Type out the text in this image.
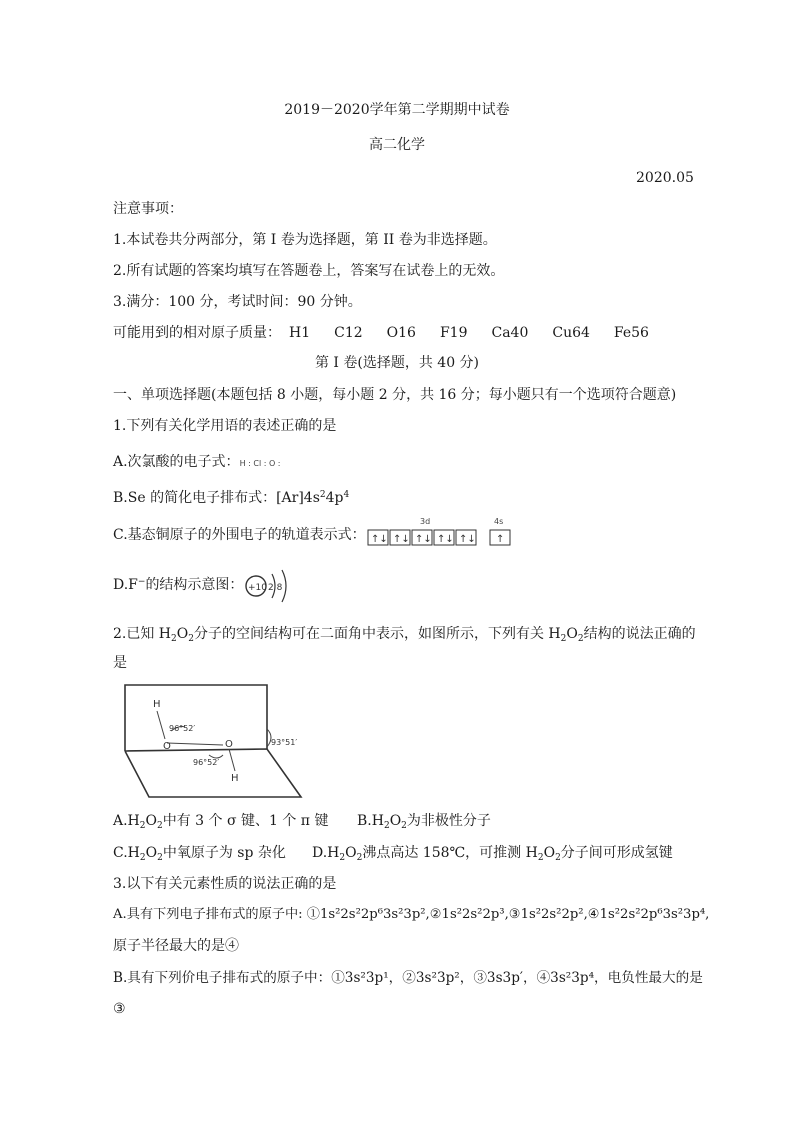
2019－2020学年第二学期期中试卷
高二化学
2020.05
注意事项：
1.本试卷共分两部分，第 I 卷为选择题，第 II 卷为非选择题。
2.所有试题的答案均填写在答题卷上，答案写在试卷上的无效。
3.满分：100 分，考试时间：90 分钟。
可能用到的相对原子质量： H1 C12 O16 F19 Ca40 Cu64 Fe56
第 I 卷(选择题，共 40 分)
一、单项选择题(本题包括 8 小题，每小题 2 分，共 16 分；每小题只有一个选项符合题意)
1.下列有关化学用语的表述正确的是
A.次氯酸的电子式：H : Cl : O :
B.Se 的简化电子排布式：$[Ar]4s^24p^4$
C.基态铜原子的外围电子的轨道表示式：
3d	4s
↑↓ ↑↓ ↑↓ ↑↓ ↑↓ ↑
D.F−的结构示意图： +10 2 8
2.已知 $H_2O_2$分子的空间结构可在二面角中表示，如图所示，下列有关 $H_2O_2$结构的说法正确的
是
H
O	O
H
96°52′
96°52′
93°51′
$A.H_2O_2$中有 3 个 σ 键、1 个 π 键 $B.H_2O_2$为非极性分子
$C.H_2O_2$中氧原子为 sp 杂化 $D.H_2O_2$沸点高达 158℃，可推测 $H_2O_2$分子间可形成氢键
3.以下有关元素性质的说法正确的是
A.具有下列电子排布式的原子中: ①1s²2s²2p⁶3s²3p²,②1s²2s²2p³,③1s²2s²2p²,④1s²2s²2p⁶3s²3p⁴,
原子半径最大的是④
B.具有下列价电子排布式的原子中：①3s²3p¹，②3s²3p²，③3s3p′，④3s²3p⁴，电负性最大的是
③
